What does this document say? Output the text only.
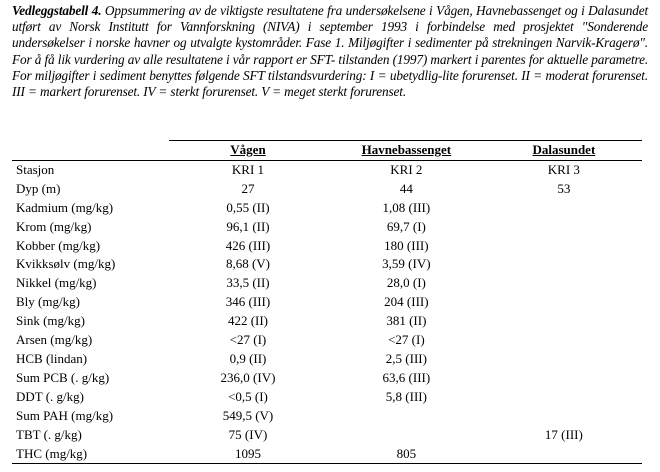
Vedleggstabell 4. Oppsummering av de viktigste resultatene fra undersøkelsene i Vågen, Havnebassenget og i Dalasundet utført av Norsk Institutt for Vannforskning (NIVA) i september 1993 i forbindelse med prosjektet "Sonderende undersøkelser i norske havner og utvalgte kystområder. Fase 1. Miljøgifter i sedimenter på strekningen Narvik-Kragerø". For å få lik vurdering av alle resultatene i vår rapport er SFT- tilstanden (1997) markert i parentes for aktuelle parametre. For miljøgifter i sediment benyttes følgende SFT tilstandsvurdering: I = ubetydlig-lite forurenset. II = moderat forurenset. III = markert forurenset. IV = sterkt forurenset. V = meget sterkt forurenset.
	Vågen	Havnebassenget	Dalasundet
Stasjon	KRI 1	KRI 2	KRI 3
Dyp (m)	27	44	53
Kadmium (mg/kg)	0,55 (II)	1,08 (III)	
Krom (mg/kg)	96,1 (II)	69,7 (I)	
Kobber (mg/kg)	426 (III)	180 (III)	
Kvikksølv (mg/kg)	8,68 (V)	3,59 (IV)	
Nikkel (mg/kg)	33,5 (II)	28,0 (I)	
Bly (mg/kg)	346 (III)	204 (III)	
Sink (mg/kg)	422 (II)	381 (II)	
Arsen (mg/kg)	<27 (I)	<27 (I)	
HCB (lindan)	0,9 (II)	2,5 (III)	
Sum PCB (. g/kg)	236,0 (IV)	63,6 (III)	
DDT (. g/kg)	<0,5 (I)	5,8 (III)	
Sum PAH (mg/kg)	549,5 (V)		
TBT (. g/kg)	75 (IV)		17 (III)
THC (mg/kg)	1095	805	
